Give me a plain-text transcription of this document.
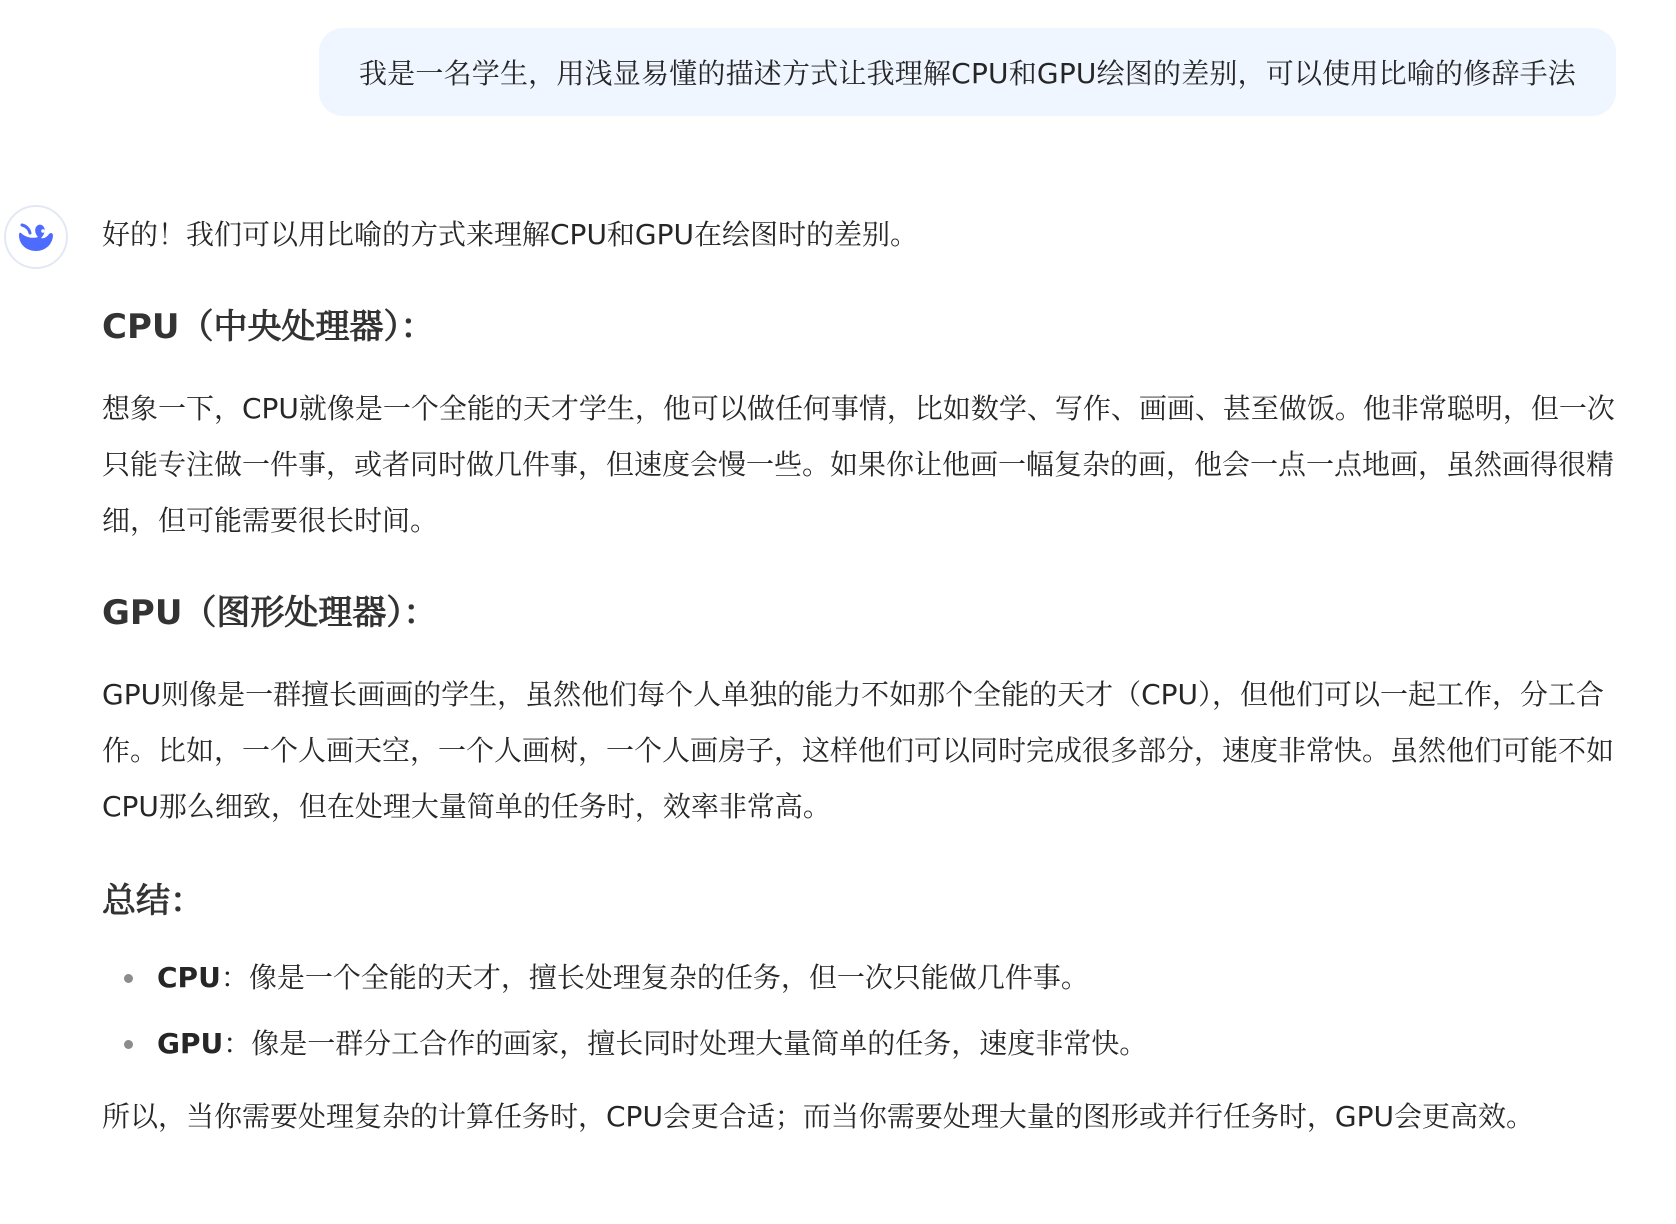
我是一名学生，用浅显易懂的描述方式让我理解CPU和GPU绘图的差别，可以使用比喻的修辞手法

好的！我们可以用比喻的方式来理解CPU和GPU在绘图时的差别。

CPU（中央处理器）：

想象一下，CPU就像是一个全能的天才学生，他可以做任何事情，比如数学、写作、画画、甚至做饭。他非常聪明，但一次只能专注做一件事，或者同时做几件事，但速度会慢一些。如果你让他画一幅复杂的画，他会一点一点地画，虽然画得很精细，但可能需要很长时间。

GPU（图形处理器）：

GPU则像是一群擅长画画的学生，虽然他们每个人单独的能力不如那个全能的天才（CPU），但他们可以一起工作，分工合作。比如，一个人画天空，一个人画树，一个人画房子，这样他们可以同时完成很多部分，速度非常快。虽然他们可能不如CPU那么细致，但在处理大量简单的任务时，效率非常高。

总结：
CPU：像是一个全能的天才，擅长处理复杂的任务，但一次只能做几件事。
GPU：像是一群分工合作的画家，擅长同时处理大量简单的任务，速度非常快。

所以，当你需要处理复杂的计算任务时，CPU会更合适；而当你需要处理大量的图形或并行任务时，GPU会更高效。
